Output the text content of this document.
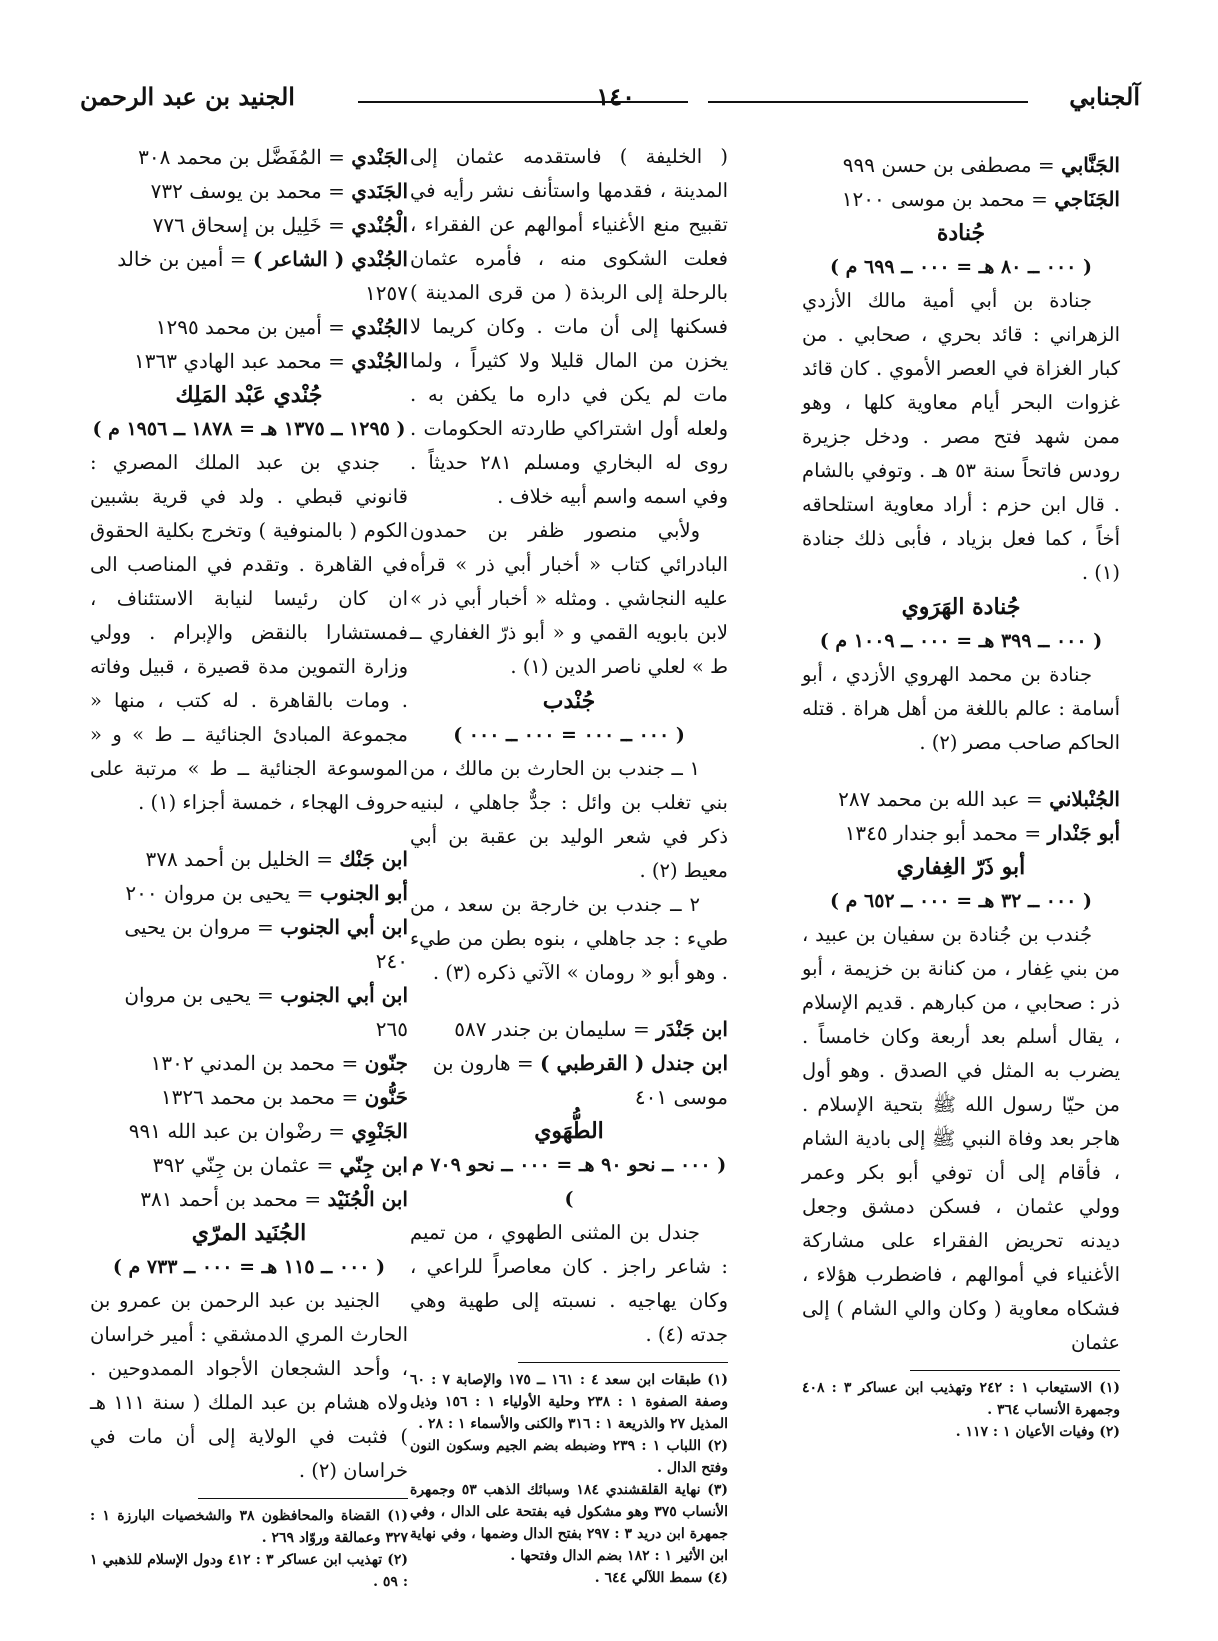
آلجنابي
١٤٠
الجنيد بن عبد الرحمن

الجَنَّابي = مصطفى بن حسن ٩٩٩

الجَنَاجي = محمد بن موسى ١٢٠٠

جُنادة

( ٠٠٠ ــ ٨٠ هـ = ٠٠٠ ــ ٦٩٩ م )

جنادة بن أبي أمية مالك الأزدي الزهراني : قائد بحري ، صحابي . من كبار الغزاة في العصر الأموي . كان قائد غزوات البحر أيام معاوية كلها ، وهو ممن شهد فتح مصر . ودخل جزيرة رودس فاتحاً سنة ٥٣ هـ . وتوفي بالشام . قال ابن حزم : أراد معاوية استلحاقه أخاً ، كما فعل بزياد ، فأبى ذلك جنادة (١) .

جُنادة الهَرَوي

( ٠٠٠ ــ ٣٩٩ هـ = ٠٠٠ ــ ١٠٠٩ م )

جنادة بن محمد الهروي الأزدي ، أبو أسامة : عالم باللغة من أهل هراة . قتله الحاكم صاحب مصر (٢) .

الجُنْبلاني = عبد الله بن محمد ٢٨٧

أبو جَنْدار = محمد أبو جندار ١٣٤٥

أبو ذَرّ الغِفاري

( ٠٠٠ ــ ٣٢ هـ = ٠٠٠ ــ ٦٥٢ م )

جُندب بن جُنادة بن سفيان بن عبيد ، من بني غِفار ، من كنانة بن خزيمة ، أبو ذر : صحابي ، من كبارهم . قديم الإسلام ، يقال أسلم بعد أربعة وكان خامساً . يضرب به المثل في الصدق . وهو أول من حيّا رسول الله ﷺ بتحية الإسلام . هاجر بعد وفاة النبي ﷺ إلى بادية الشام ، فأقام إلى أن توفي أبو بكر وعمر وولي عثمان ، فسكن دمشق وجعل ديدنه تحريض الفقراء على مشاركة الأغنياء في أموالهم ، فاضطرب هؤلاء ، فشكاه معاوية ( وكان والي الشام ) إلى عثمان

(١) الاستيعاب ١ : ٢٤٢ وتهذيب ابن عساكر ٣ : ٤٠٨ وجمهرة الأنساب ٣٦٤ .

(٢) وفيات الأعيان ١ : ١١٧ .

( الخليفة ) فاستقدمه عثمان إلى المدينة ، فقدمها واستأنف نشر رأيه في تقبيح منع الأغنياء أموالهم عن الفقراء ، فعلت الشكوى منه ، فأمره عثمان بالرحلة إلى الربذة ( من قرى المدينة ) فسكنها إلى أن مات . وكان كريما لا يخزن من المال قليلا ولا كثيراً ، ولما مات لم يكن في داره ما يكفن به . ولعله أول اشتراكي طاردته الحكومات . روى له البخاري ومسلم ٢٨١ حديثاً . وفي اسمه واسم أبيه خلاف .

ولأبي منصور ظفر بن حمدون البادرائي كتاب « أخبار أبي ذر » قرأه عليه النجاشي . ومثله « أخبار أبي ذر » لابن بابويه القمي و « أبو ذرّ الغفاري ــ ط » لعلي ناصر الدين (١) .

جُنْدب

( ٠٠٠ ــ ٠٠٠ = ٠٠٠ ــ ٠٠٠ )

١ ــ جندب بن الحارث بن مالك ، من بني تغلب بن وائل : جدٌّ جاهلي ، لبنيه ذكر في شعر الوليد بن عقبة بن أبي معيط (٢) .

٢ ــ جندب بن خارجة بن سعد ، من طيء : جد جاهلي ، بنوه بطن من طيء . وهو أبو « رومان » الآتي ذكره (٣) .

ابن جَنْدَر = سليمان بن جندر ٥٨٧

ابن جندل ( القرطبي ) = هارون بن موسى ٤٠١

الطُّهَوي

( ٠٠٠ ــ نحو ٩٠ هـ = ٠٠٠ ــ نحو ٧٠٩ م )

جندل بن المثنى الطهوي ، من تميم : شاعر راجز . كان معاصراً للراعي ، وكان يهاجيه . نسبته إلى طهية وهي جدته (٤) .

(١) طبقات ابن سعد ٤ : ١٦١ ــ ١٧٥ والإصابة ٧ : ٦٠ وصفة الصفوة ١ : ٢٣٨ وحلية الأولياء ١ : ١٥٦ وذيل المذيل ٢٧ والذريعة ١ : ٣١٦ والكنى والأسماء ١ : ٢٨ .

(٢) اللباب ١ : ٢٣٩ وضبطه بضم الجيم وسكون النون وفتح الدال .

(٣) نهاية القلقشندي ١٨٤ وسبائك الذهب ٥٣ وجمهرة الأنساب ٣٧٥ وهو مشكول فيه بفتحة على الدال ، وفي جمهرة ابن دريد ٣ : ٢٩٧ بفتح الدال وضمها ، وفي نهاية ابن الأثير ١ : ١٨٢ بضم الدال وفتحها .

(٤) سمط اللآلي ٦٤٤ .

الجَنْدي = المُفَضَّل بن محمد ٣٠٨

الجَنَدي = محمد بن يوسف ٧٣٢

الْجُنْدي = خَلِيل بن إسحاق ٧٧٦

الجُنْدي ( الشاعر ) = أمين بن خالد ١٢٥٧

الجُنْدي = أمين بن محمد ١٢٩٥

الجُنْدي = محمد عبد الهادي ١٣٦٣

جُنْدي عَبْد المَلِك

( ١٢٩٥ ــ ١٣٧٥ هـ = ١٨٧٨ ــ ١٩٥٦ م )

جندي بن عبد الملك المصري : قانوني قبطي . ولد في قرية بشبين الكوم ( بالمنوفية ) وتخرج بكلية الحقوق في القاهرة . وتقدم في المناصب الى ان كان رئيسا لنيابة الاستئناف ، فمستشارا بالنقض والإبرام . وولي وزارة التموين مدة قصيرة ، قبيل وفاته . ومات بالقاهرة . له كتب ، منها « مجموعة المبادئ الجنائية ــ ط » و « الموسوعة الجنائية ــ ط » مرتبة على حروف الهجاء ، خمسة أجزاء (١) .

ابن جَنْك = الخليل بن أحمد ٣٧٨

أبو الجنوب = يحيى بن مروان ٢٠٠

ابن أبي الجنوب = مروان بن يحيى ٢٤٠

ابن أبي الجنوب = يحيى بن مروان ٢٦٥

جنّون = محمد بن المدني ١٣٠٢

حَنُّون = محمد بن محمد ١٣٢٦

الجَنْوِي = رضْوان بن عبد الله ٩٩١

ابن جِنّي = عثمان بن جِنّي ٣٩٢

ابن الْجُنَيْد = محمد بن أحمد ٣٨١

الجُنَيد المرّي

( ٠٠٠ ــ ١١٥ هـ = ٠٠٠ ــ ٧٣٣ م )

الجنيد بن عبد الرحمن بن عمرو بن الحارث المري الدمشقي : أمير خراسان ، وأحد الشجعان الأجواد الممدوحين . ولاه هشام بن عبد الملك ( سنة ١١١ هـ ) فثبت في الولاية إلى أن مات في خراسان (٢) .

(١) القضاة والمحافظون ٣٨ والشخصيات البارزة ١ : ٣٢٧ وعمالقة وروّاد ٢٦٩ .

(٢) تهذيب ابن عساكر ٣ : ٤١٢ ودول الإسلام للذهبي ١ : ٥٩ .
